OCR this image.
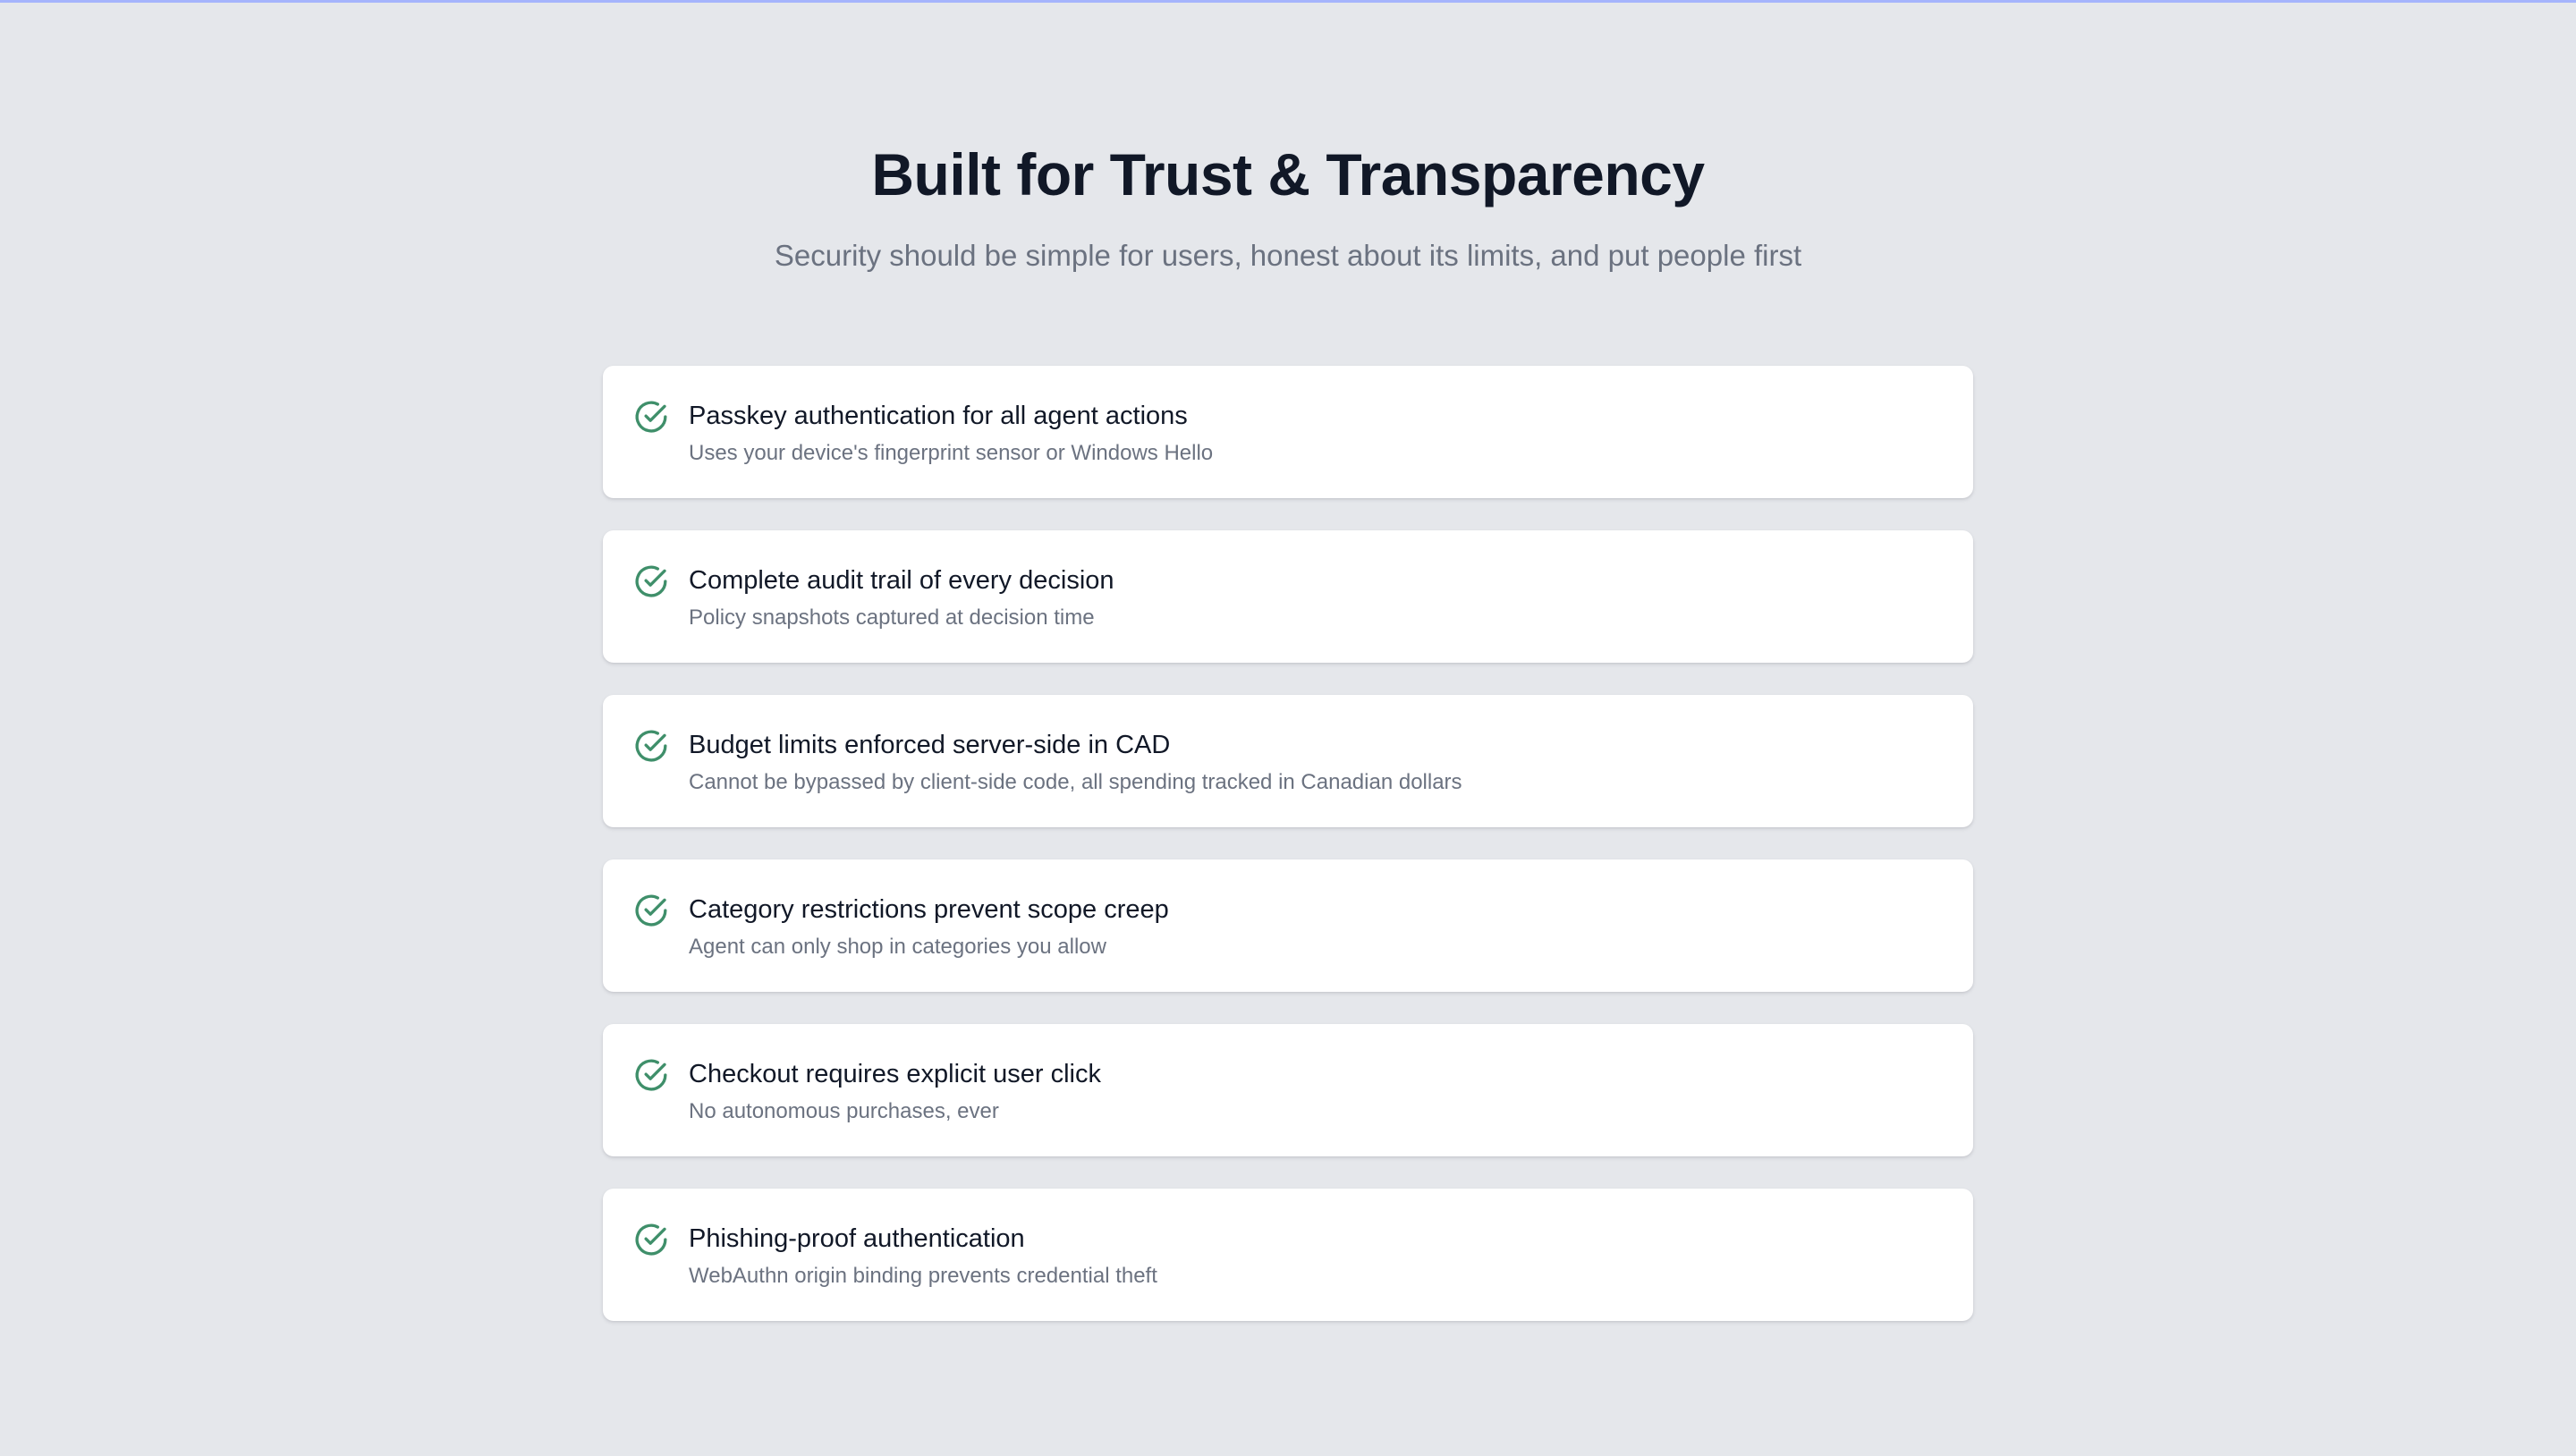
Built for Trust & Transparency

Security should be simple for users, honest about its limits, and put people first

Passkey authentication for all agent actions
Uses your device's fingerprint sensor or Windows Hello
Complete audit trail of every decision
Policy snapshots captured at decision time
Budget limits enforced server-side in CAD
Cannot be bypassed by client-side code, all spending tracked in Canadian dollars
Category restrictions prevent scope creep
Agent can only shop in categories you allow
Checkout requires explicit user click
No autonomous purchases, ever
Phishing-proof authentication
WebAuthn origin binding prevents credential theft
